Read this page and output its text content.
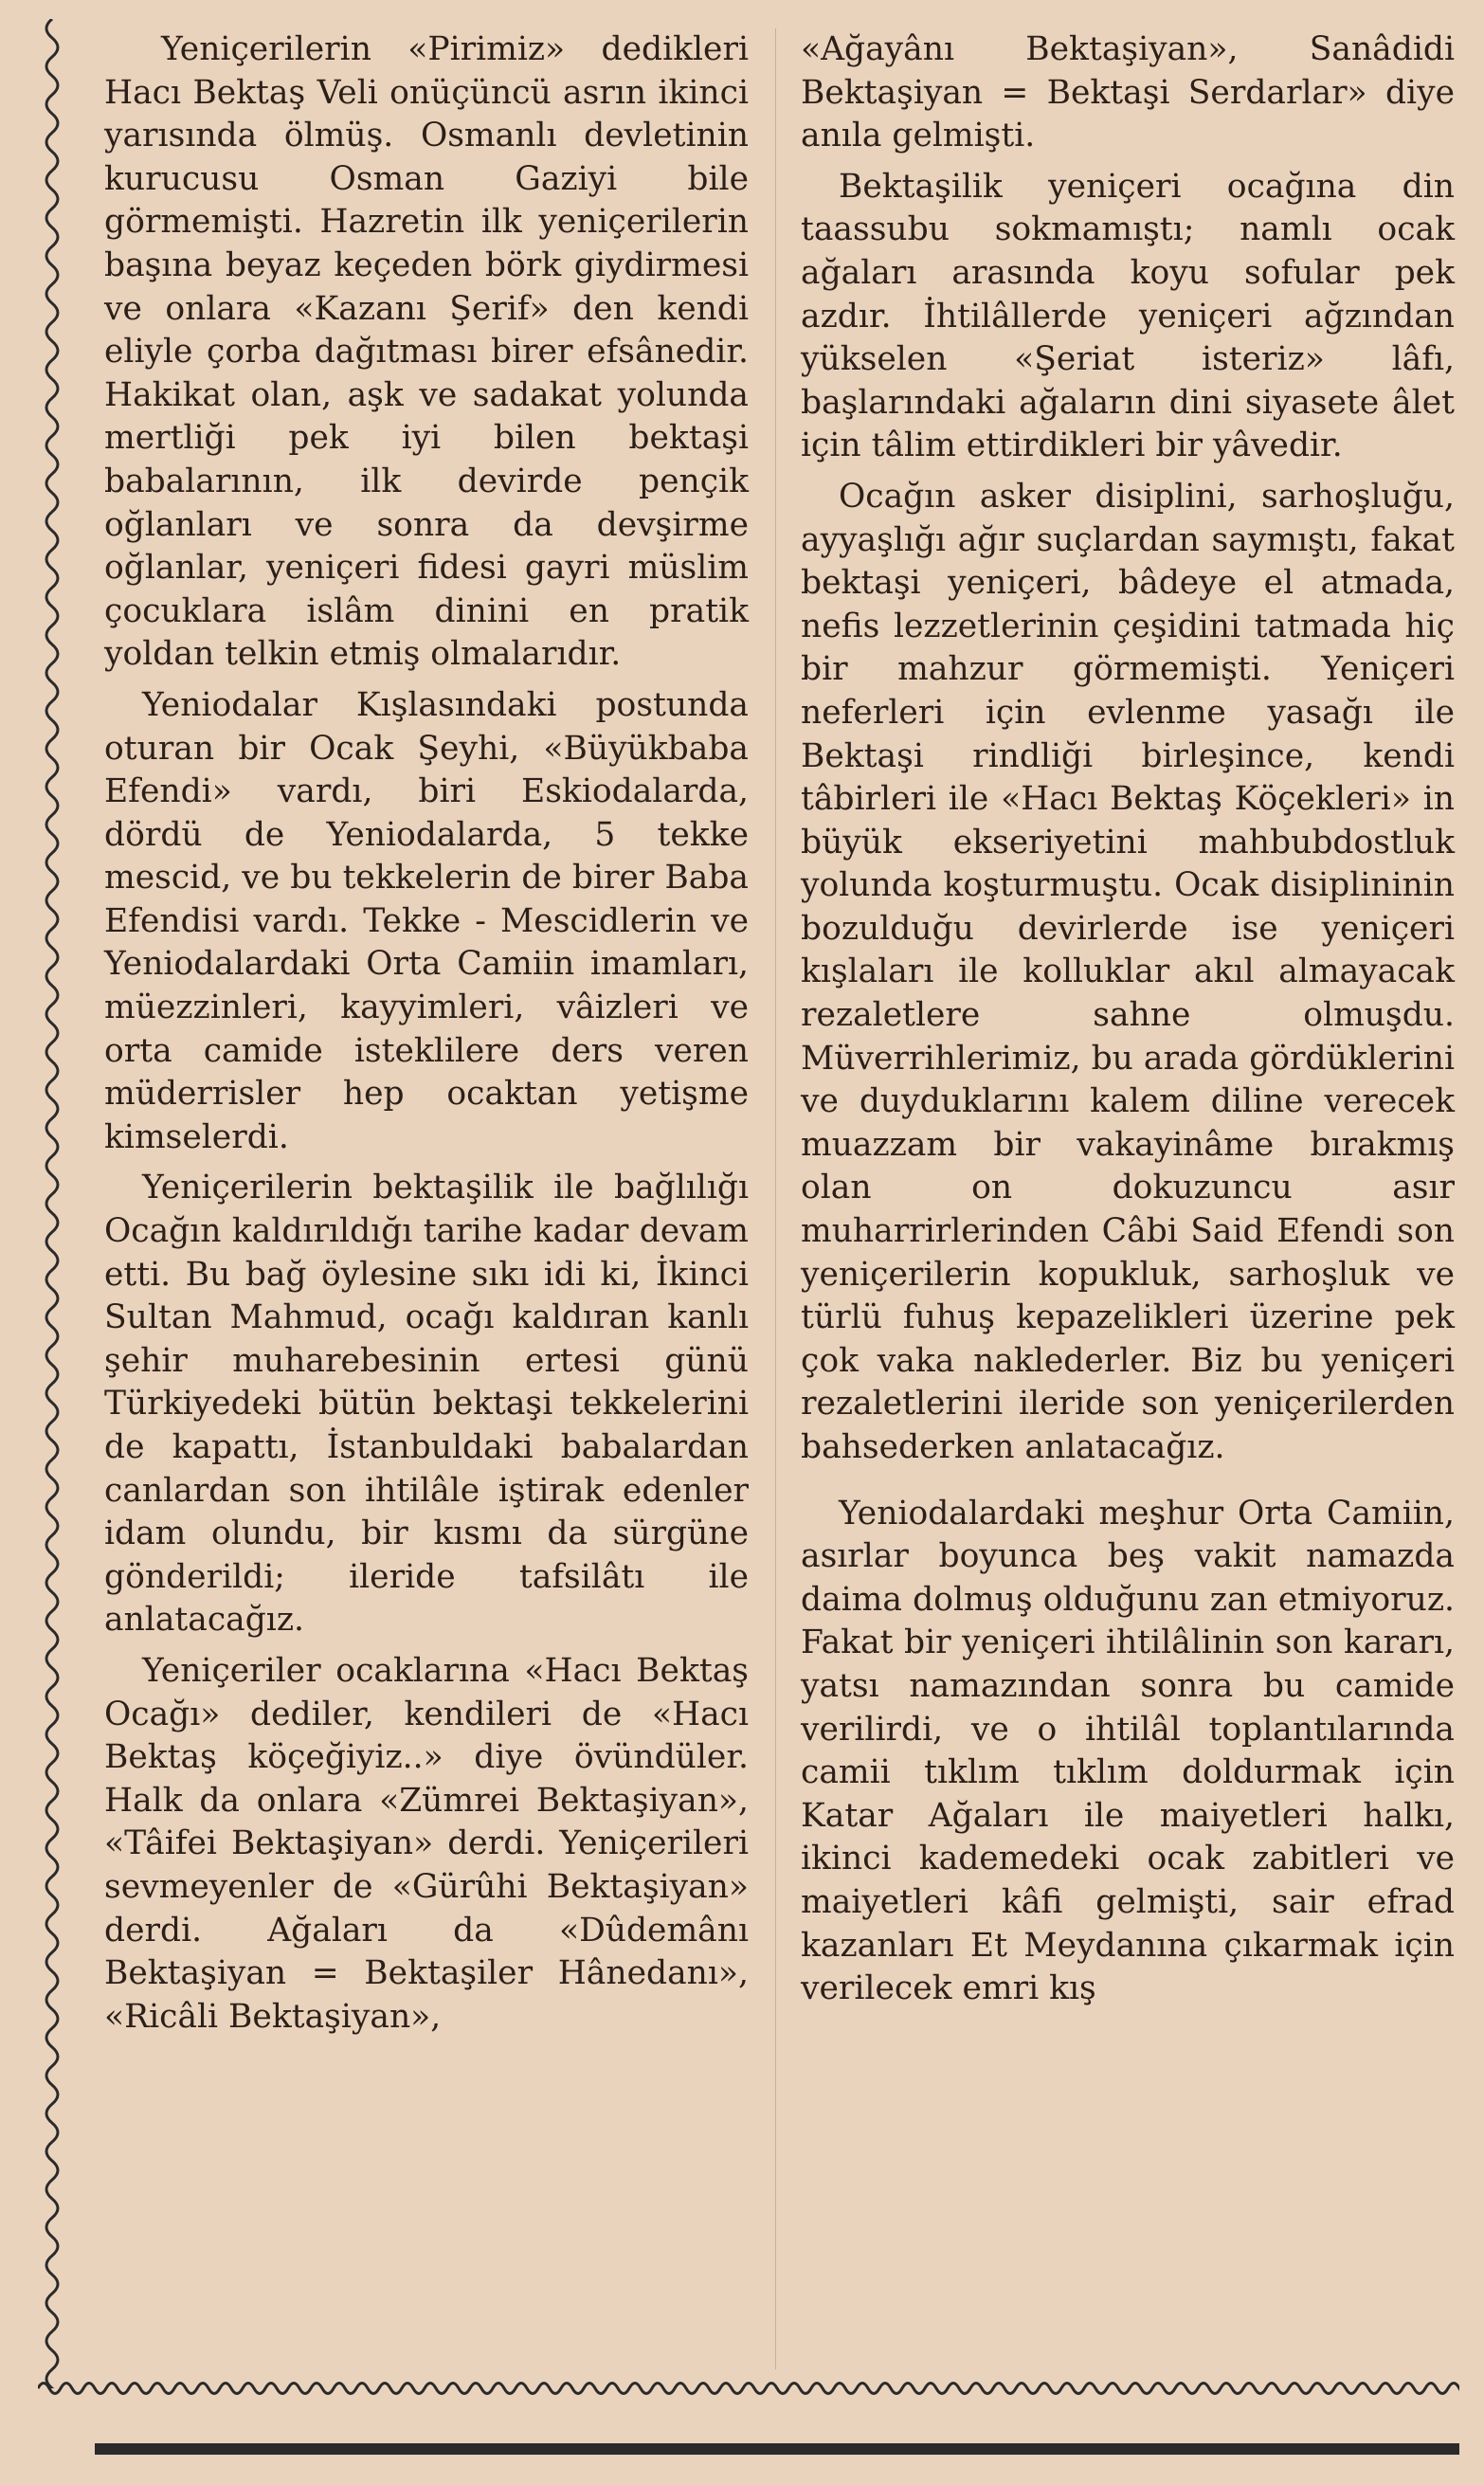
Yeniçerilerin «Pirimiz» dedikleri Hacı Bektaş Veli onüçüncü asrın ikinci yarısında ölmüş. Osmanlı devletinin kurucusu Osman Gaziyi bile görmemişti. Hazretin ilk yeniçerilerin başına beyaz keçeden börk giydirmesi ve onlara «Kazanı Şerif» den kendi eliyle çorba dağıtması birer efsânedir. Hakikat olan, aşk ve sadakat yolunda mertliği pek iyi bilen bektaşi babalarının, ilk devirde pençik oğlanları ve sonra da devşirme oğlanlar, yeniçeri fidesi gayri müslim çocuklara islâm dinini en pratik yoldan telkin etmiş olmalarıdır.

Yeniodalar Kışlasındaki postunda oturan bir Ocak Şeyhi, «Büyükbaba Efendi» vardı, biri Eskiodalarda, dördü de Yeniodalarda, 5 tekke mescid, ve bu tekkelerin de birer Baba Efendisi vardı. Tekke - Mescidlerin ve Yeniodalardaki Orta Camiin imamları, müezzinleri, kayyimleri, vâizleri ve orta camide isteklilere ders veren müderrisler hep ocaktan yetişme kimselerdi.

Yeniçerilerin bektaşilik ile bağlılığı Ocağın kaldırıldığı tarihe kadar devam etti. Bu bağ öylesine sıkı idi ki, İkinci Sultan Mahmud, ocağı kaldıran kanlı şehir muharebesinin ertesi günü Türkiyedeki bütün bektaşi tekkelerini de kapattı, İstanbuldaki babalardan canlardan son ihtilâle iştirak edenler idam olundu, bir kısmı da sürgüne gönderildi; ileride tafsilâtı ile anlatacağız.

Yeniçeriler ocaklarına «Hacı Bektaş Ocağı» dediler, kendileri de «Hacı Bektaş köçeğiyiz..» diye övündüler. Halk da onlara «Zümrei Bektaşiyan», «Tâifei Bektaşiyan» derdi. Yeniçerileri sevmeyenler de «Gürûhi Bektaşiyan» derdi. Ağaları da «Dûdemânı Bektaşiyan = Bektaşiler Hânedanı», «Ricâli Bektaşiyan»,

«Ağayânı Bektaşiyan», Sanâdidi Bektaşiyan = Bektaşi Serdarlar» diye anıla gelmişti.

Bektaşilik yeniçeri ocağına din taassubu sokmamıştı; namlı ocak ağaları arasında koyu sofular pek azdır. İhtilâllerde yeniçeri ağzından yükselen «Şeriat isteriz» lâfı, başlarındaki ağaların dini siyasete âlet için tâlim ettirdikleri bir yâvedir.

Ocağın asker disiplini, sarhoşluğu, ayyaşlığı ağır suçlardan saymıştı, fakat bektaşi yeniçeri, bâdeye el atmada, nefis lezzetlerinin çeşidini tatmada hiç bir mahzur görmemişti. Yeniçeri neferleri için evlenme yasağı ile Bektaşi rindliği birleşince, kendi tâbirleri ile «Hacı Bektaş Köçekleri» in büyük ekseriyetini mahbubdostluk yolunda koşturmuştu. Ocak disiplininin bozulduğu devirlerde ise yeniçeri kışlaları ile kolluklar akıl almayacak rezaletlere sahne olmuşdu. Müverrihlerimiz, bu arada gördüklerini ve duyduklarını kalem diline verecek muazzam bir vakayinâme bırakmış olan on dokuzuncu asır muharrirlerinden Câbi Said Efendi son yeniçerilerin kopukluk, sarhoşluk ve türlü fuhuş kepazelikleri üzerine pek çok vaka naklederler. Biz bu yeniçeri rezaletlerini ileride son yeniçerilerden bahsederken anlatacağız.

Yeniodalardaki meşhur Orta Camiin, asırlar boyunca beş vakit namazda daima dolmuş olduğunu zan etmiyoruz. Fakat bir yeniçeri ihtilâlinin son kararı, yatsı namazından sonra bu camide verilirdi, ve o ihtilâl toplantılarında camii tıklım tıklım doldurmak için Katar Ağaları ile maiyetleri halkı, ikinci kademedeki ocak zabitleri ve maiyetleri kâfi gelmişti, sair efrad kazanları Et Meydanına çıkarmak için verilecek emri kış
